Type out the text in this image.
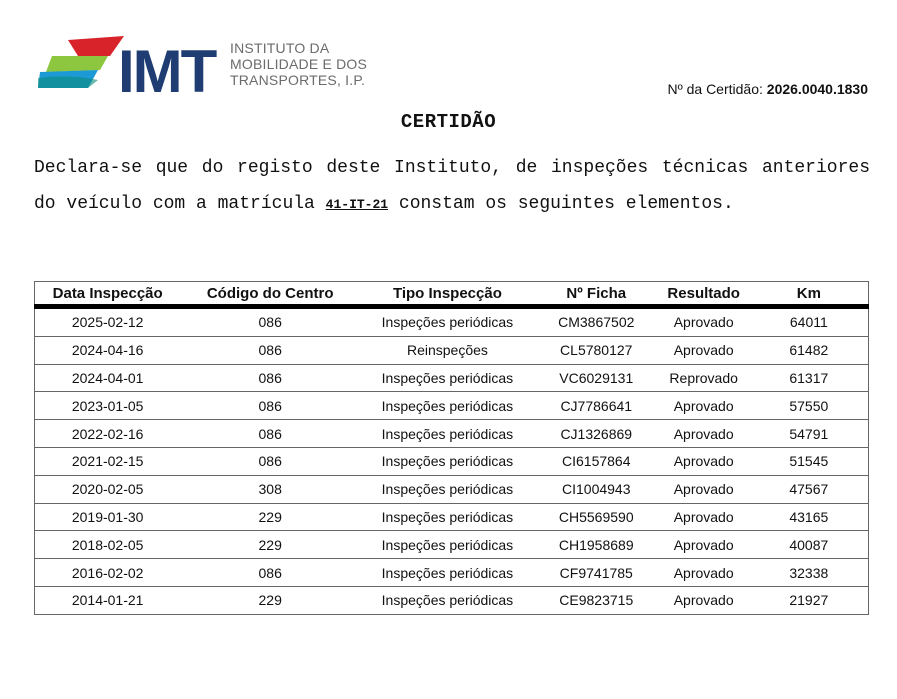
IMT INSTITUTO DA
MOBILIDADE E DOS
TRANSPORTES, I.P.
Nº da Certidão: 2026.0040.1830
CERTIDÃO
Declara-se que do registo deste Instituto, de inspeções técnicas anteriores do veículo com a matrícula 41-IT-21 constam os seguintes elementos.
Data Inspecção	Código do Centro	Tipo Inspecção	Nº Ficha	Resultado	Km
2025-02-12	086	Inspeções periódicas	CM3867502	Aprovado	64011
2024-04-16	086	Reinspeções	CL5780127	Aprovado	61482
2024-04-01	086	Inspeções periódicas	VC6029131	Reprovado	61317
2023-01-05	086	Inspeções periódicas	CJ7786641	Aprovado	57550
2022-02-16	086	Inspeções periódicas	CJ1326869	Aprovado	54791
2021-02-15	086	Inspeções periódicas	CI6157864	Aprovado	51545
2020-02-05	308	Inspeções periódicas	CI1004943	Aprovado	47567
2019-01-30	229	Inspeções periódicas	CH5569590	Aprovado	43165
2018-02-05	229	Inspeções periódicas	CH1958689	Aprovado	40087
2016-02-02	086	Inspeções periódicas	CF9741785	Aprovado	32338
2014-01-21	229	Inspeções periódicas	CE9823715	Aprovado	21927
